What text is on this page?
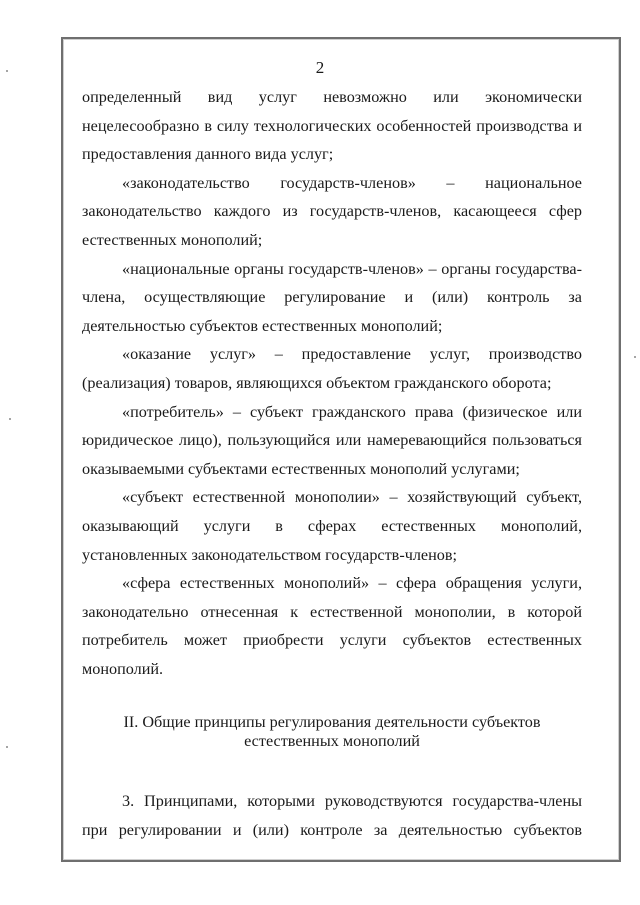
2
определенный вид услуг невозможно или экономически
нецелесообразно в силу технологических особенностей производства и
предоставления данного вида услуг;
«законодательство государств-членов» – национальное
законодательство каждого из государств-членов, касающееся сфер
естественных монополий;
«национальные органы государств-членов» – органы государства-
члена, осуществляющие регулирование и (или) контроль за
деятельностью субъектов естественных монополий;
«оказание услуг» – предоставление услуг, производство
(реализация) товаров, являющихся объектом гражданского оборота;
«потребитель» – субъект гражданского права (физическое или
юридическое лицо), пользующийся или намеревающийся пользоваться
оказываемыми субъектами естественных монополий услугами;
«субъект естественной монополии» – хозяйствующий субъект,
оказывающий услуги в сферах естественных монополий,
установленных законодательством государств-членов;
«сфера естественных монополий» – сфера обращения услуги,
законодательно отнесенная к естественной монополии, в которой
потребитель может приобрести услуги субъектов естественных
монополий.
II. Общие принципы регулирования деятельности субъектов
естественных монополий
3. Принципами, которыми руководствуются государства-члены
при регулировании и (или) контроле за деятельностью субъектов
